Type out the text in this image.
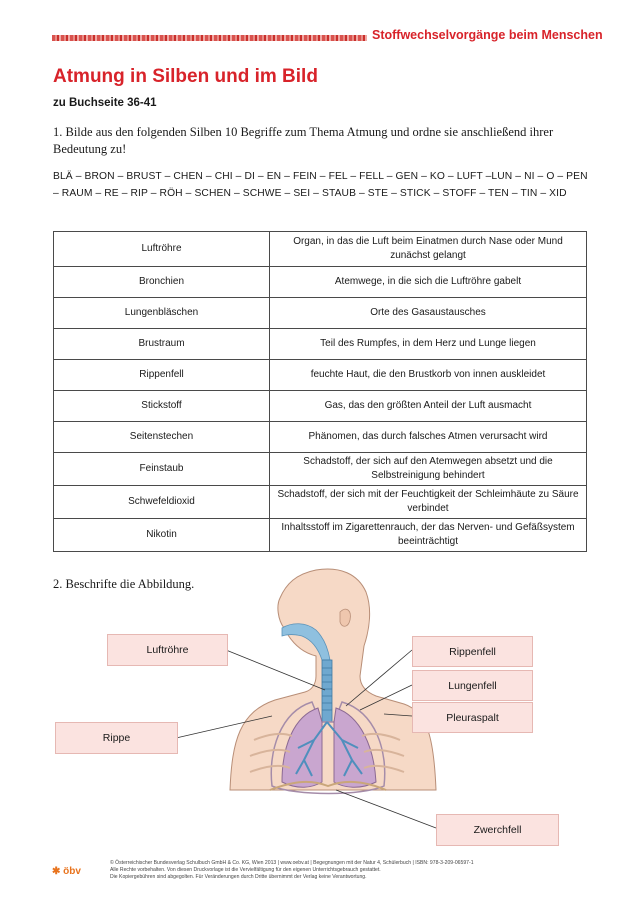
Stoffwechselvorgänge beim Menschen
Atmung in Silben und im Bild
zu Buchseite 36-41
1. Bilde aus den folgenden Silben 10 Begriffe zum Thema Atmung und ordne sie anschließend ihrer Bedeutung zu!
BLÄ – BRON – BRUST – CHEN – CHI – DI – EN – FEIN – FEL – FELL – GEN – KO – LUFT –LUN – NI – O – PEN – RAUM – RE – RIP – RÖH – SCHEN – SCHWE – SEI – STAUB – STE – STICK – STOFF – TEN – TIN – XID
Luftröhre	Organ, in das die Luft beim Einatmen durch Nase oder Mund zunächst gelangt
Bronchien	Atemwege, in die sich die Luftröhre gabelt
Lungenbläschen	Orte des Gasaustausches
Brustraum	Teil des Rumpfes, in dem Herz und Lunge liegen
Rippenfell	feuchte Haut, die den Brustkorb von innen auskleidet
Stickstoff	Gas, das den größten Anteil der Luft ausmacht
Seitenstechen	Phänomen, das durch falsches Atmen verursacht wird
Feinstaub	Schadstoff, der sich auf den Atemwegen absetzt und die Selbstreinigung behindert
Schwefeldioxid	Schadstoff, der sich mit der Feuchtigkeit der Schleimhäute zu Säure verbindet
Nikotin	Inhaltsstoff im Zigarettenrauch, der das Nerven- und Gefäßsystem beeinträchtigt
2. Beschrifte die Abbildung.
Luftröhre
Rippe
Rippenfell
Lungenfell
Pleuraspalt
Zwerchfell
✱ öbv
© Österreichischer Bundesverlag Schulbuch GmbH & Co. KG, Wien 2013 | www.oebv.at | Begegnungen mit der Natur 4, Schülerbuch | ISBN: 978-3-209-06597-1
Alle Rechte vorbehalten. Von diesen Druckvorlage ist die Vervielfältigung für den eigenen Unterrichtsgebrauch gestattet.
Die Kopiergebühren sind abgegolten. Für Veränderungen durch Dritte übernimmt der Verlag keine Verantwortung.
